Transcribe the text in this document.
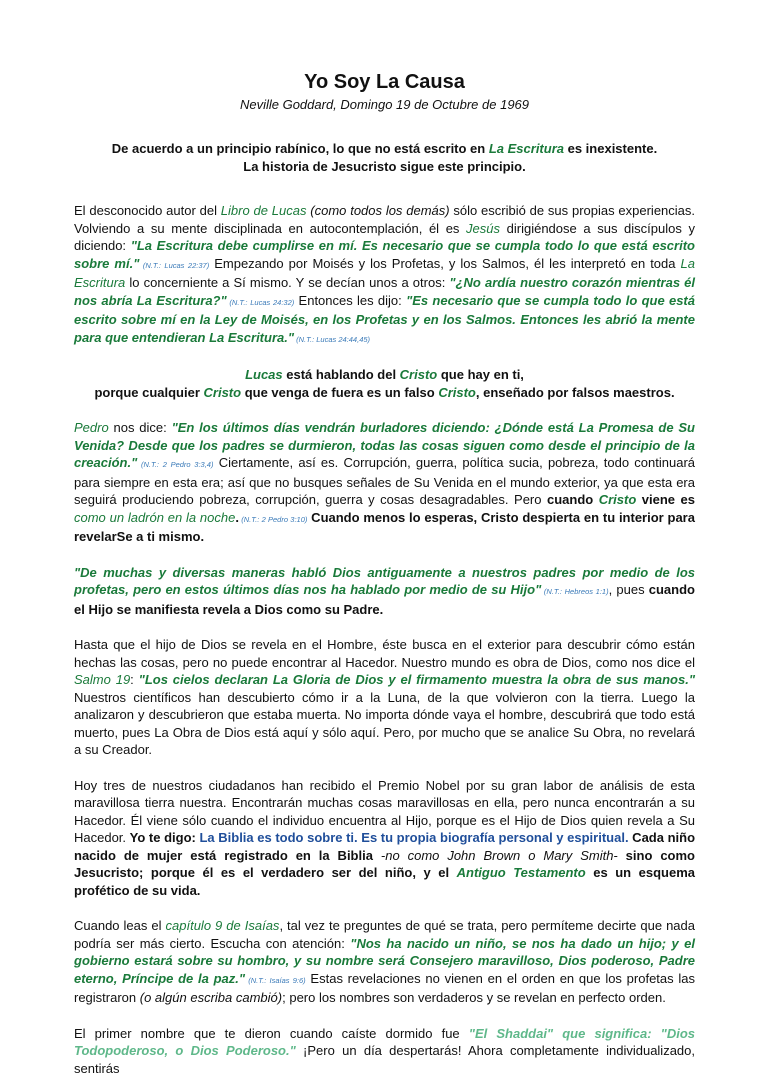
Yo Soy La Causa
Neville Goddard, Domingo 19 de Octubre de 1969
De acuerdo a un principio rabínico, lo que no está escrito en La Escritura es inexistente.
La historia de Jesucristo sigue este principio.

El desconocido autor del Libro de Lucas (como todos los demás) sólo escribió de sus propias experiencias. Volviendo a su mente disciplinada en autocontemplación, él es Jesús dirigiéndose a sus discípulos y diciendo: "La Escritura debe cumplirse en mí. Es necesario que se cumpla todo lo que está escrito sobre mí." (N.T.: Lucas 22:37) Empezando por Moisés y los Profetas, y los Salmos, él les interpretó en toda La Escritura lo concerniente a Sí mismo. Y se decían unos a otros: "¿No ardía nuestro corazón mientras él nos abría La Escritura?" (N.T.: Lucas 24:32) Entonces les dijo: "Es necesario que se cumpla todo lo que está escrito sobre mí en la Ley de Moisés, en los Profetas y en los Salmos. Entonces les abrió la mente para que entendieran La Escritura." (N.T.: Lucas 24:44,45)

Lucas está hablando del Cristo que hay en ti,
porque cualquier Cristo que venga de fuera es un falso Cristo, enseñado por falsos maestros.

Pedro nos dice: "En los últimos días vendrán burladores diciendo: ¿Dónde está La Promesa de Su Venida? Desde que los padres se durmieron, todas las cosas siguen como desde el principio de la creación." (N.T.: 2 Pedro 3:3,4) Ciertamente, así es. Corrupción, guerra, política sucia, pobreza, todo continuará para siempre en esta era; así que no busques señales de Su Venida en el mundo exterior, ya que esta era seguirá produciendo pobreza, corrupción, guerra y cosas desagradables. Pero cuando Cristo viene es como un ladrón en la noche. (N.T.: 2 Pedro 3:10) Cuando menos lo esperas, Cristo despierta en tu interior para revelarSe a ti mismo.

"De muchas y diversas maneras habló Dios antiguamente a nuestros padres por medio de los profetas, pero en estos últimos días nos ha hablado por medio de su Hijo" (N.T.: Hebreos 1:1), pues cuando el Hijo se manifiesta revela a Dios como su Padre.

Hasta que el hijo de Dios se revela en el Hombre, éste busca en el exterior para descubrir cómo están hechas las cosas, pero no puede encontrar al Hacedor. Nuestro mundo es obra de Dios, como nos dice el Salmo 19: "Los cielos declaran La Gloria de Dios y el firmamento muestra la obra de sus manos." Nuestros científicos han descubierto cómo ir a la Luna, de la que volvieron con la tierra. Luego la analizaron y descubrieron que estaba muerta. No importa dónde vaya el hombre, descubrirá que todo está muerto, pues La Obra de Dios está aquí y sólo aquí. Pero, por mucho que se analice Su Obra, no revelará a su Creador.

Hoy tres de nuestros ciudadanos han recibido el Premio Nobel por su gran labor de análisis de esta maravillosa tierra nuestra. Encontrarán muchas cosas maravillosas en ella, pero nunca encontrarán a su Hacedor. Él viene sólo cuando el individuo encuentra al Hijo, porque es el Hijo de Dios quien revela a Su Hacedor. Yo te digo: La Biblia es todo sobre ti. Es tu propia biografía personal y espiritual. Cada niño nacido de mujer está registrado en la Biblia -no como John Brown o Mary Smith- sino como Jesucristo; porque él es el verdadero ser del niño, y el Antiguo Testamento es un esquema profético de su vida.

Cuando leas el capítulo 9 de Isaías, tal vez te preguntes de qué se trata, pero permíteme decirte que nada podría ser más cierto. Escucha con atención: "Nos ha nacido un niño, se nos ha dado un hijo; y el gobierno estará sobre su hombro, y su nombre será Consejero maravilloso, Dios poderoso, Padre eterno, Príncipe de la paz." (N.T.: Isaías 9:6) Estas revelaciones no vienen en el orden en que los profetas las registraron (o algún escriba cambió); pero los nombres son verdaderos y se revelan en perfecto orden.

El primer nombre que te dieron cuando caíste dormido fue "El Shaddai" que significa: "Dios Todopoderoso, o Dios Poderoso." ¡Pero un día despertarás! Ahora completamente individualizado, sentirás
